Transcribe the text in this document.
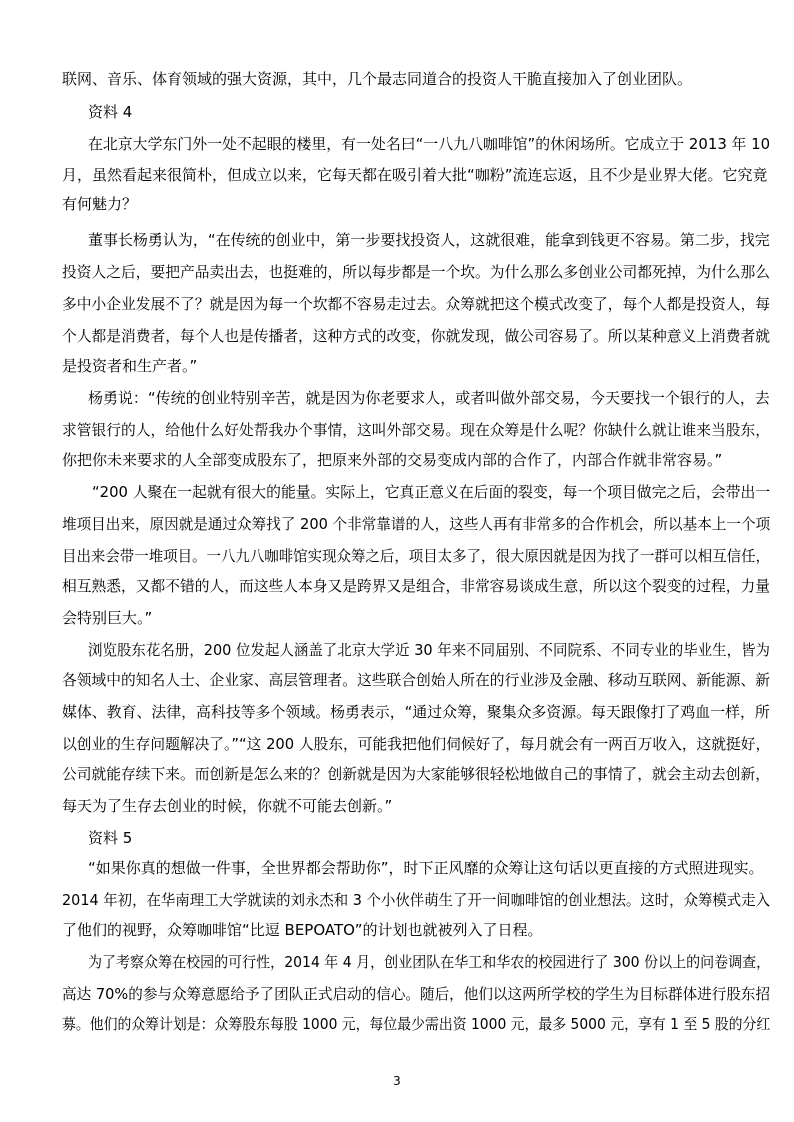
联网、音乐、体育领域的强大资源，其中，几个最志同道合的投资人干脆直接加入了创业团队。

资料 4

在北京大学东门外一处不起眼的楼里，有一处名曰“一八九八咖啡馆”的休闲场所。它成立于 2013 年 10

月，虽然看起来很简朴，但成立以来，它每天都在吸引着大批“咖粉”流连忘返，且不少是业界大佬。它究竟

有何魅力？

董事长杨勇认为，“在传统的创业中，第一步要找投资人，这就很难，能拿到钱更不容易。第二步，找完

投资人之后，要把产品卖出去，也挺难的，所以每步都是一个坎。为什么那么多创业公司都死掉，为什么那么

多中小企业发展不了？就是因为每一个坎都不容易走过去。众筹就把这个模式改变了，每个人都是投资人，每

个人都是消费者，每个人也是传播者，这种方式的改变，你就发现，做公司容易了。所以某种意义上消费者就

是投资者和生产者。”

杨勇说：“传统的创业特别辛苦，就是因为你老要求人，或者叫做外部交易，今天要找一个银行的人，去

求管银行的人，给他什么好处帮我办个事情，这叫外部交易。现在众筹是什么呢？你缺什么就让谁来当股东，

你把你未来要求的人全部变成股东了，把原来外部的交易变成内部的合作了，内部合作就非常容易。”

“200 人聚在一起就有很大的能量。实际上，它真正意义在后面的裂变，每一个项目做完之后，会带出一

堆项目出来，原因就是通过众筹找了 200 个非常靠谱的人，这些人再有非常多的合作机会，所以基本上一个项

目出来会带一堆项目。一八九八咖啡馆实现众筹之后，项目太多了，很大原因就是因为找了一群可以相互信任，

相互熟悉，又都不错的人，而这些人本身又是跨界又是组合，非常容易谈成生意，所以这个裂变的过程，力量

会特别巨大。”

浏览股东花名册，200 位发起人涵盖了北京大学近 30 年来不同届别、不同院系、不同专业的毕业生，皆为

各领域中的知名人士、企业家、高层管理者。这些联合创始人所在的行业涉及金融、移动互联网、新能源、新

媒体、教育、法律，高科技等多个领域。杨勇表示，“通过众筹，聚集众多资源。每天跟像打了鸡血一样，所

以创业的生存问题解决了。”“这 200 人股东，可能我把他们伺候好了，每月就会有一两百万收入，这就挺好，

公司就能存续下来。而创新是怎么来的？创新就是因为大家能够很轻松地做自己的事情了，就会主动去创新，

每天为了生存去创业的时候，你就不可能去创新。”

资料 5

“如果你真的想做一件事，全世界都会帮助你”，时下正风靡的众筹让这句话以更直接的方式照进现实。

2014 年初，在华南理工大学就读的刘永杰和 3 个小伙伴萌生了开一间咖啡馆的创业想法。这时，众筹模式走入

了他们的视野，众筹咖啡馆“比逗 BEPOATO”的计划也就被列入了日程。

为了考察众筹在校园的可行性，2014 年 4 月，创业团队在华工和华农的校园进行了 300 份以上的问卷调查，

高达 70%的参与众筹意愿给予了团队正式启动的信心。随后，他们以这两所学校的学生为目标群体进行股东招

募。他们的众筹计划是：众筹股东每股 1000 元，每位最少需出资 1000 元，最多 5000 元，享有 1 至 5 股的分红

3
